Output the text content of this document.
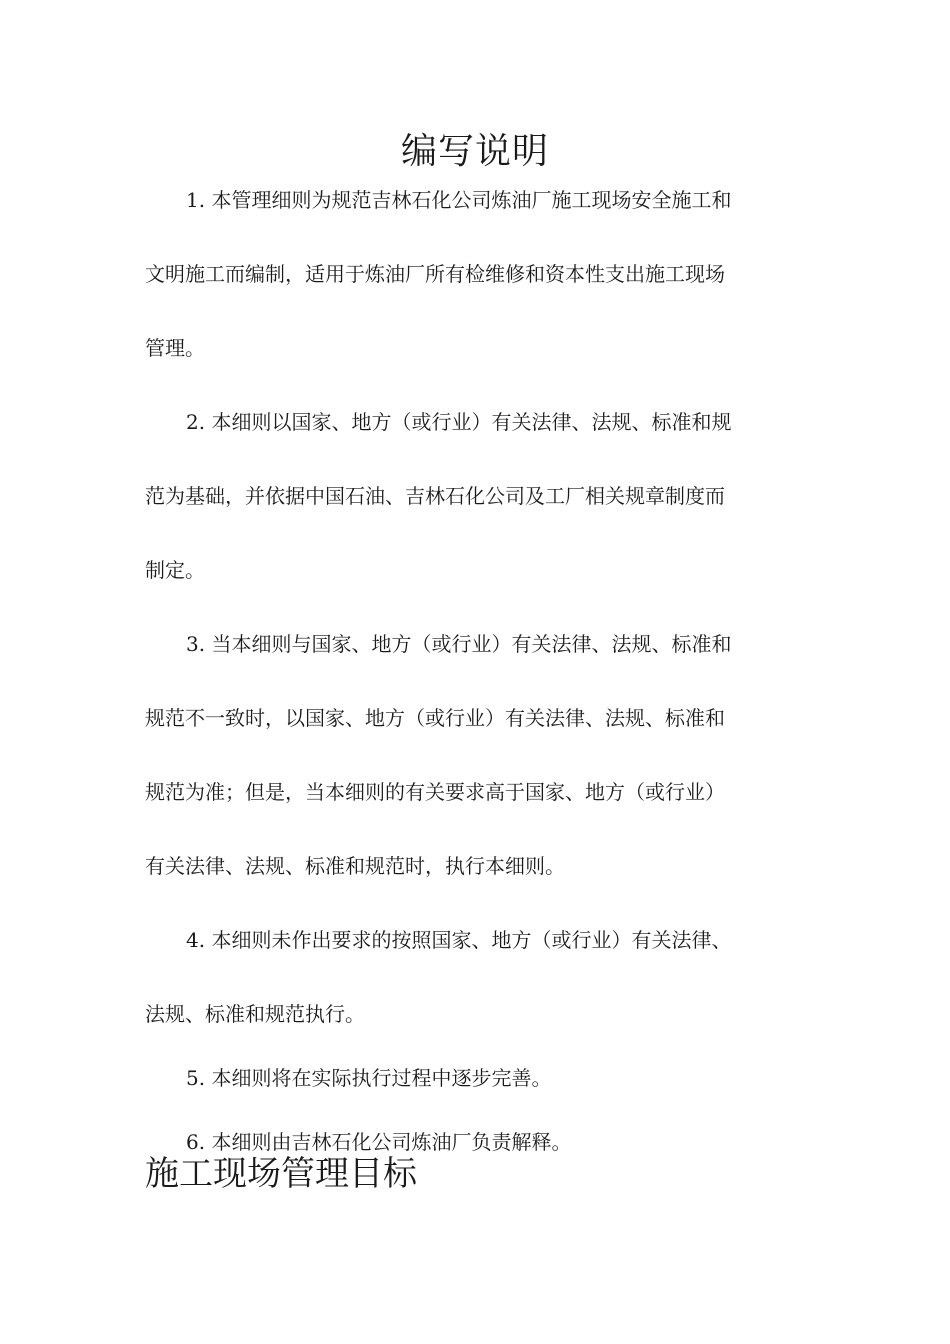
编写说明
1. 本管理细则为规范吉林石化公司炼油厂施工现场安全施工和
文明施工而编制，适用于炼油厂所有检维修和资本性支出施工现场
管理。
2. 本细则以国家、地方（或行业）有关法律、法规、标准和规
范为基础，并依据中国石油、吉林石化公司及工厂相关规章制度而
制定。
3. 当本细则与国家、地方（或行业）有关法律、法规、标准和
规范不一致时，以国家、地方（或行业）有关法律、法规、标准和
规范为准；但是，当本细则的有关要求高于国家、地方（或行业）
有关法律、法规、标准和规范时，执行本细则。
4. 本细则未作出要求的按照国家、地方（或行业）有关法律、
法规、标准和规范执行。
5. 本细则将在实际执行过程中逐步完善。
6. 本细则由吉林石化公司炼油厂负责解释。
施工现场管理目标
